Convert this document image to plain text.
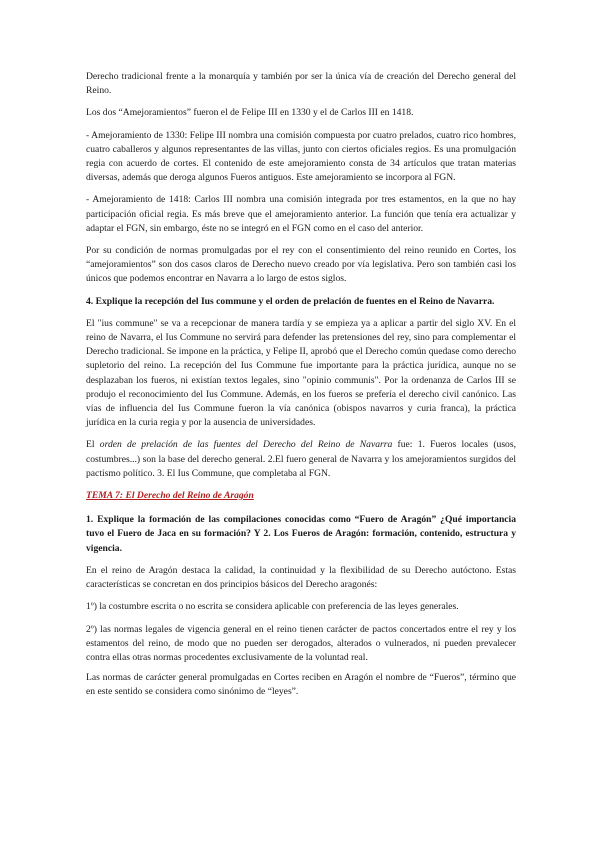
Derecho tradicional frente a la monarquía y también por ser la única vía de creación del Derecho general del Reino.

Los dos “Amejoramientos” fueron el de Felipe III en 1330 y el de Carlos III en 1418.

- Amejoramiento de 1330: Felipe III nombra una comisión compuesta por cuatro prelados, cuatro rico hombres, cuatro caballeros y algunos representantes de las villas, junto con ciertos oficiales regios. Es una promulgación regia con acuerdo de cortes. El contenido de este amejoramiento consta de 34 artículos que tratan materias diversas, además que deroga algunos Fueros antiguos. Este amejoramiento se incorpora al FGN.

- Amejoramiento de 1418: Carlos III nombra una comisión integrada por tres estamentos, en la que no hay participación oficial regia. Es más breve que el amejoramiento anterior. La función que tenía era actualizar y adaptar el FGN, sin embargo, éste no se integró en el FGN como en el caso del anterior.

Por su condición de normas promulgadas por el rey con el consentimiento del reino reunido en Cortes, los “amejoramientos” son dos casos claros de Derecho nuevo creado por vía legislativa. Pero son también casi los únicos que podemos encontrar en Navarra a lo largo de estos siglos.

4. Explique la recepción del Ius commune y el orden de prelación de fuentes en el Reino de Navarra.

El "ius commune" se va a recepcionar de manera tardía y se empieza ya a aplicar a partir del siglo XV. En el reino de Navarra, el Ius Commune no servirá para defender las pretensiones del rey, sino para complementar el Derecho tradicional. Se impone en la práctica, y Felipe II, aprobó que el Derecho común quedase como derecho supletorio del reino. La recepción del Ius Commune fue importante para la práctica jurídica, aunque no se desplazaban los fueros, ni existían textos legales, sino "opinio communis". Por la ordenanza de Carlos III se produjo el reconocimiento del Ius Commune. Además, en los fueros se prefería el derecho civil canónico. Las vías de influencia del Ius Commune fueron la vía canónica (obispos navarros y curia franca), la práctica jurídica en la curia regia y por la ausencia de universidades.

El orden de prelación de las fuentes del Derecho del Reino de Navarra fue: 1. Fueros locales (usos, costumbres...) son la base del derecho general. 2.El fuero general de Navarra y los amejoramientos surgidos del pactismo político. 3. El Ius Commune, que completaba al FGN.

TEMA 7: El Derecho del Reino de Aragón

1. Explique la formación de las compilaciones conocidas como “Fuero de Aragón” ¿Qué importancia tuvo el Fuero de Jaca en su formación? Y 2. Los Fueros de Aragón: formación, contenido, estructura y vigencia.

En el reino de Aragón destaca la calidad, la continuidad y la flexibilidad de su Derecho autóctono. Estas características se concretan en dos principios básicos del Derecho aragonés:

1º) la costumbre escrita o no escrita se considera aplicable con preferencia de las leyes generales.

2º) las normas legales de vigencia general en el reino tienen carácter de pactos concertados entre el rey y los estamentos del reino, de modo que no pueden ser derogados, alterados o vulnerados, ni pueden prevalecer contra ellas otras normas procedentes exclusivamente de la voluntad real.

Las normas de carácter general promulgadas en Cortes reciben en Aragón el nombre de “Fueros”, término que en este sentido se considera como sinónimo de “leyes”.
